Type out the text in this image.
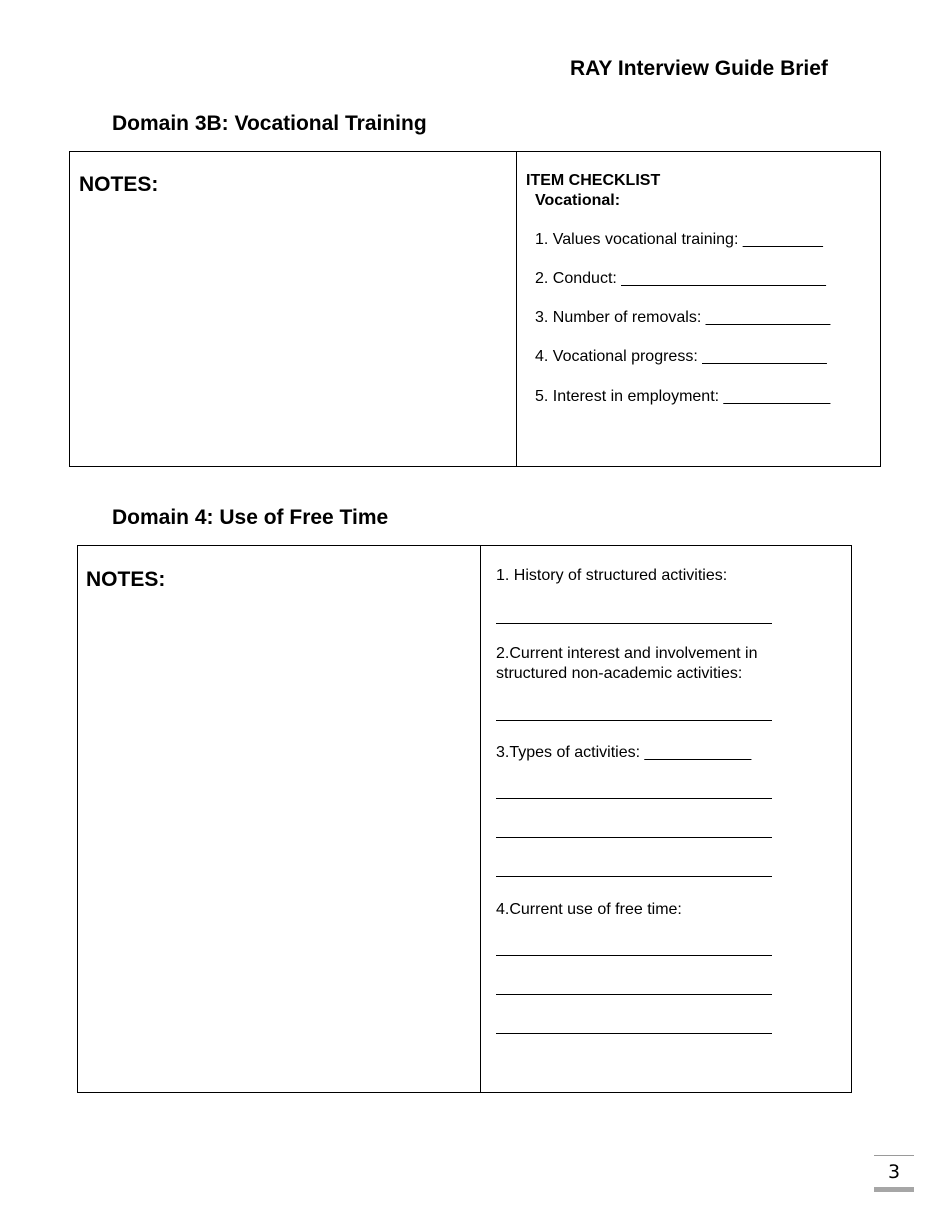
RAY Interview Guide Brief
Domain 3B: Vocational Training
NOTES:	ITEM CHECKLIST
Vocational:
1. Values vocational training: _________
2. Conduct: _______________________
3. Number of removals: ______________
4. Vocational progress: ______________
5. Interest in employment: ____________
Domain 4: Use of Free Time
NOTES:	1. History of structured activities:
2.Current interest and involvement in
structured non-academic activities:
3.Types of activities: ____________
4.Current use of free time:
3
